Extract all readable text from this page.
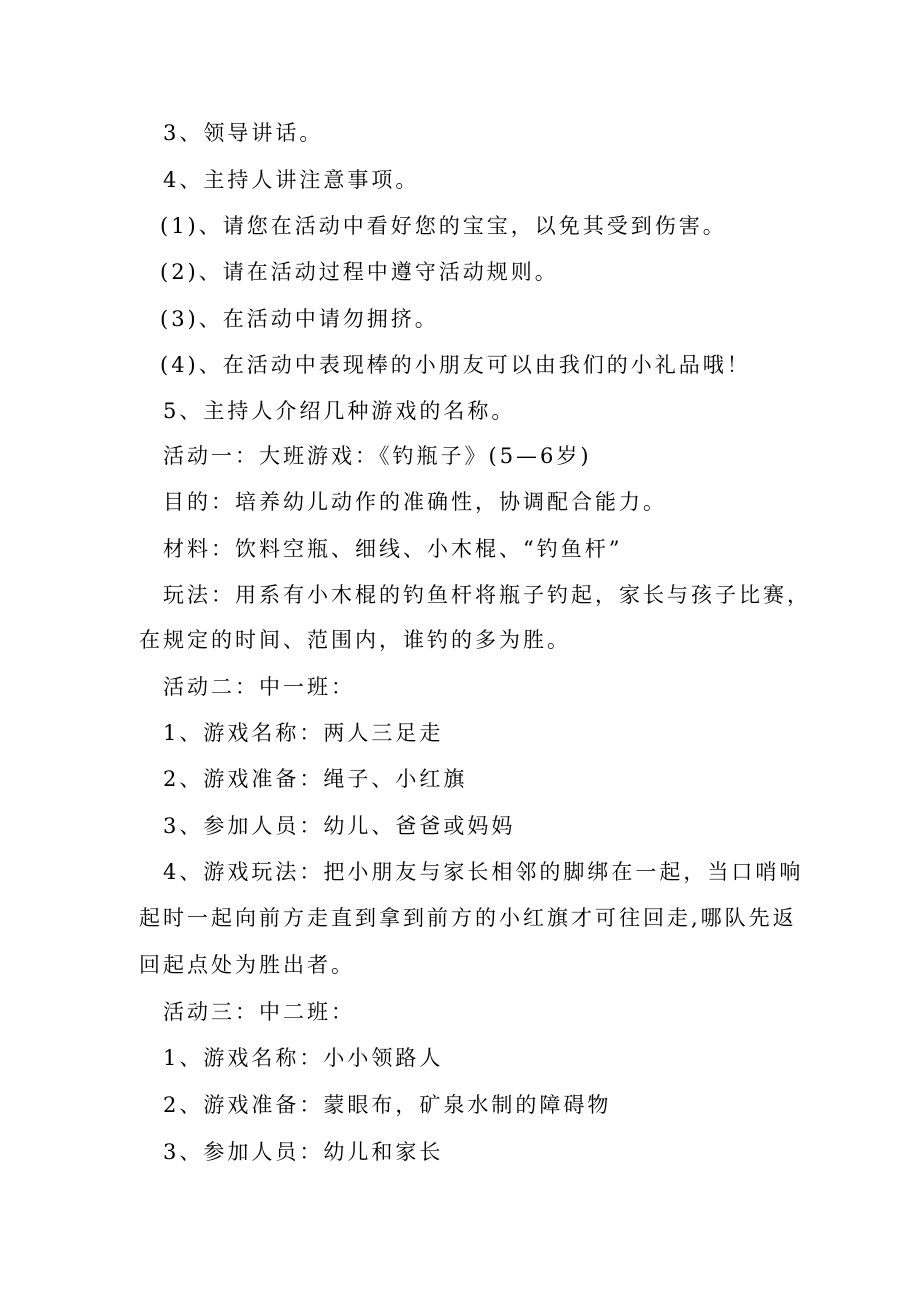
3、领导讲话。
4、主持人讲注意事项。
(1)、请您在活动中看好您的宝宝，以免其受到伤害。
(2)、请在活动过程中遵守活动规则。
(3)、在活动中请勿拥挤。
(4)、在活动中表现棒的小朋友可以由我们的小礼品哦！
5、主持人介绍几种游戏的名称。
活动一：大班游戏：《钓瓶子》(5—6岁)
目的：培养幼儿动作的准确性，协调配合能力。
材料：饮料空瓶、细线、小木棍、“钓鱼杆”
玩法：用系有小木棍的钓鱼杆将瓶子钓起，家长与孩子比赛，
在规定的时间、范围内，谁钓的多为胜。
活动二：中一班：
1、游戏名称：两人三足走
2、游戏准备：绳子、小红旗
3、参加人员：幼儿、爸爸或妈妈
4、游戏玩法：把小朋友与家长相邻的脚绑在一起，当口哨响
起时一起向前方走直到拿到前方的小红旗才可往回走,哪队先返
回起点处为胜出者。
活动三：中二班：
1、游戏名称：小小领路人
2、游戏准备：蒙眼布，矿泉水制的障碍物
3、参加人员：幼儿和家长
